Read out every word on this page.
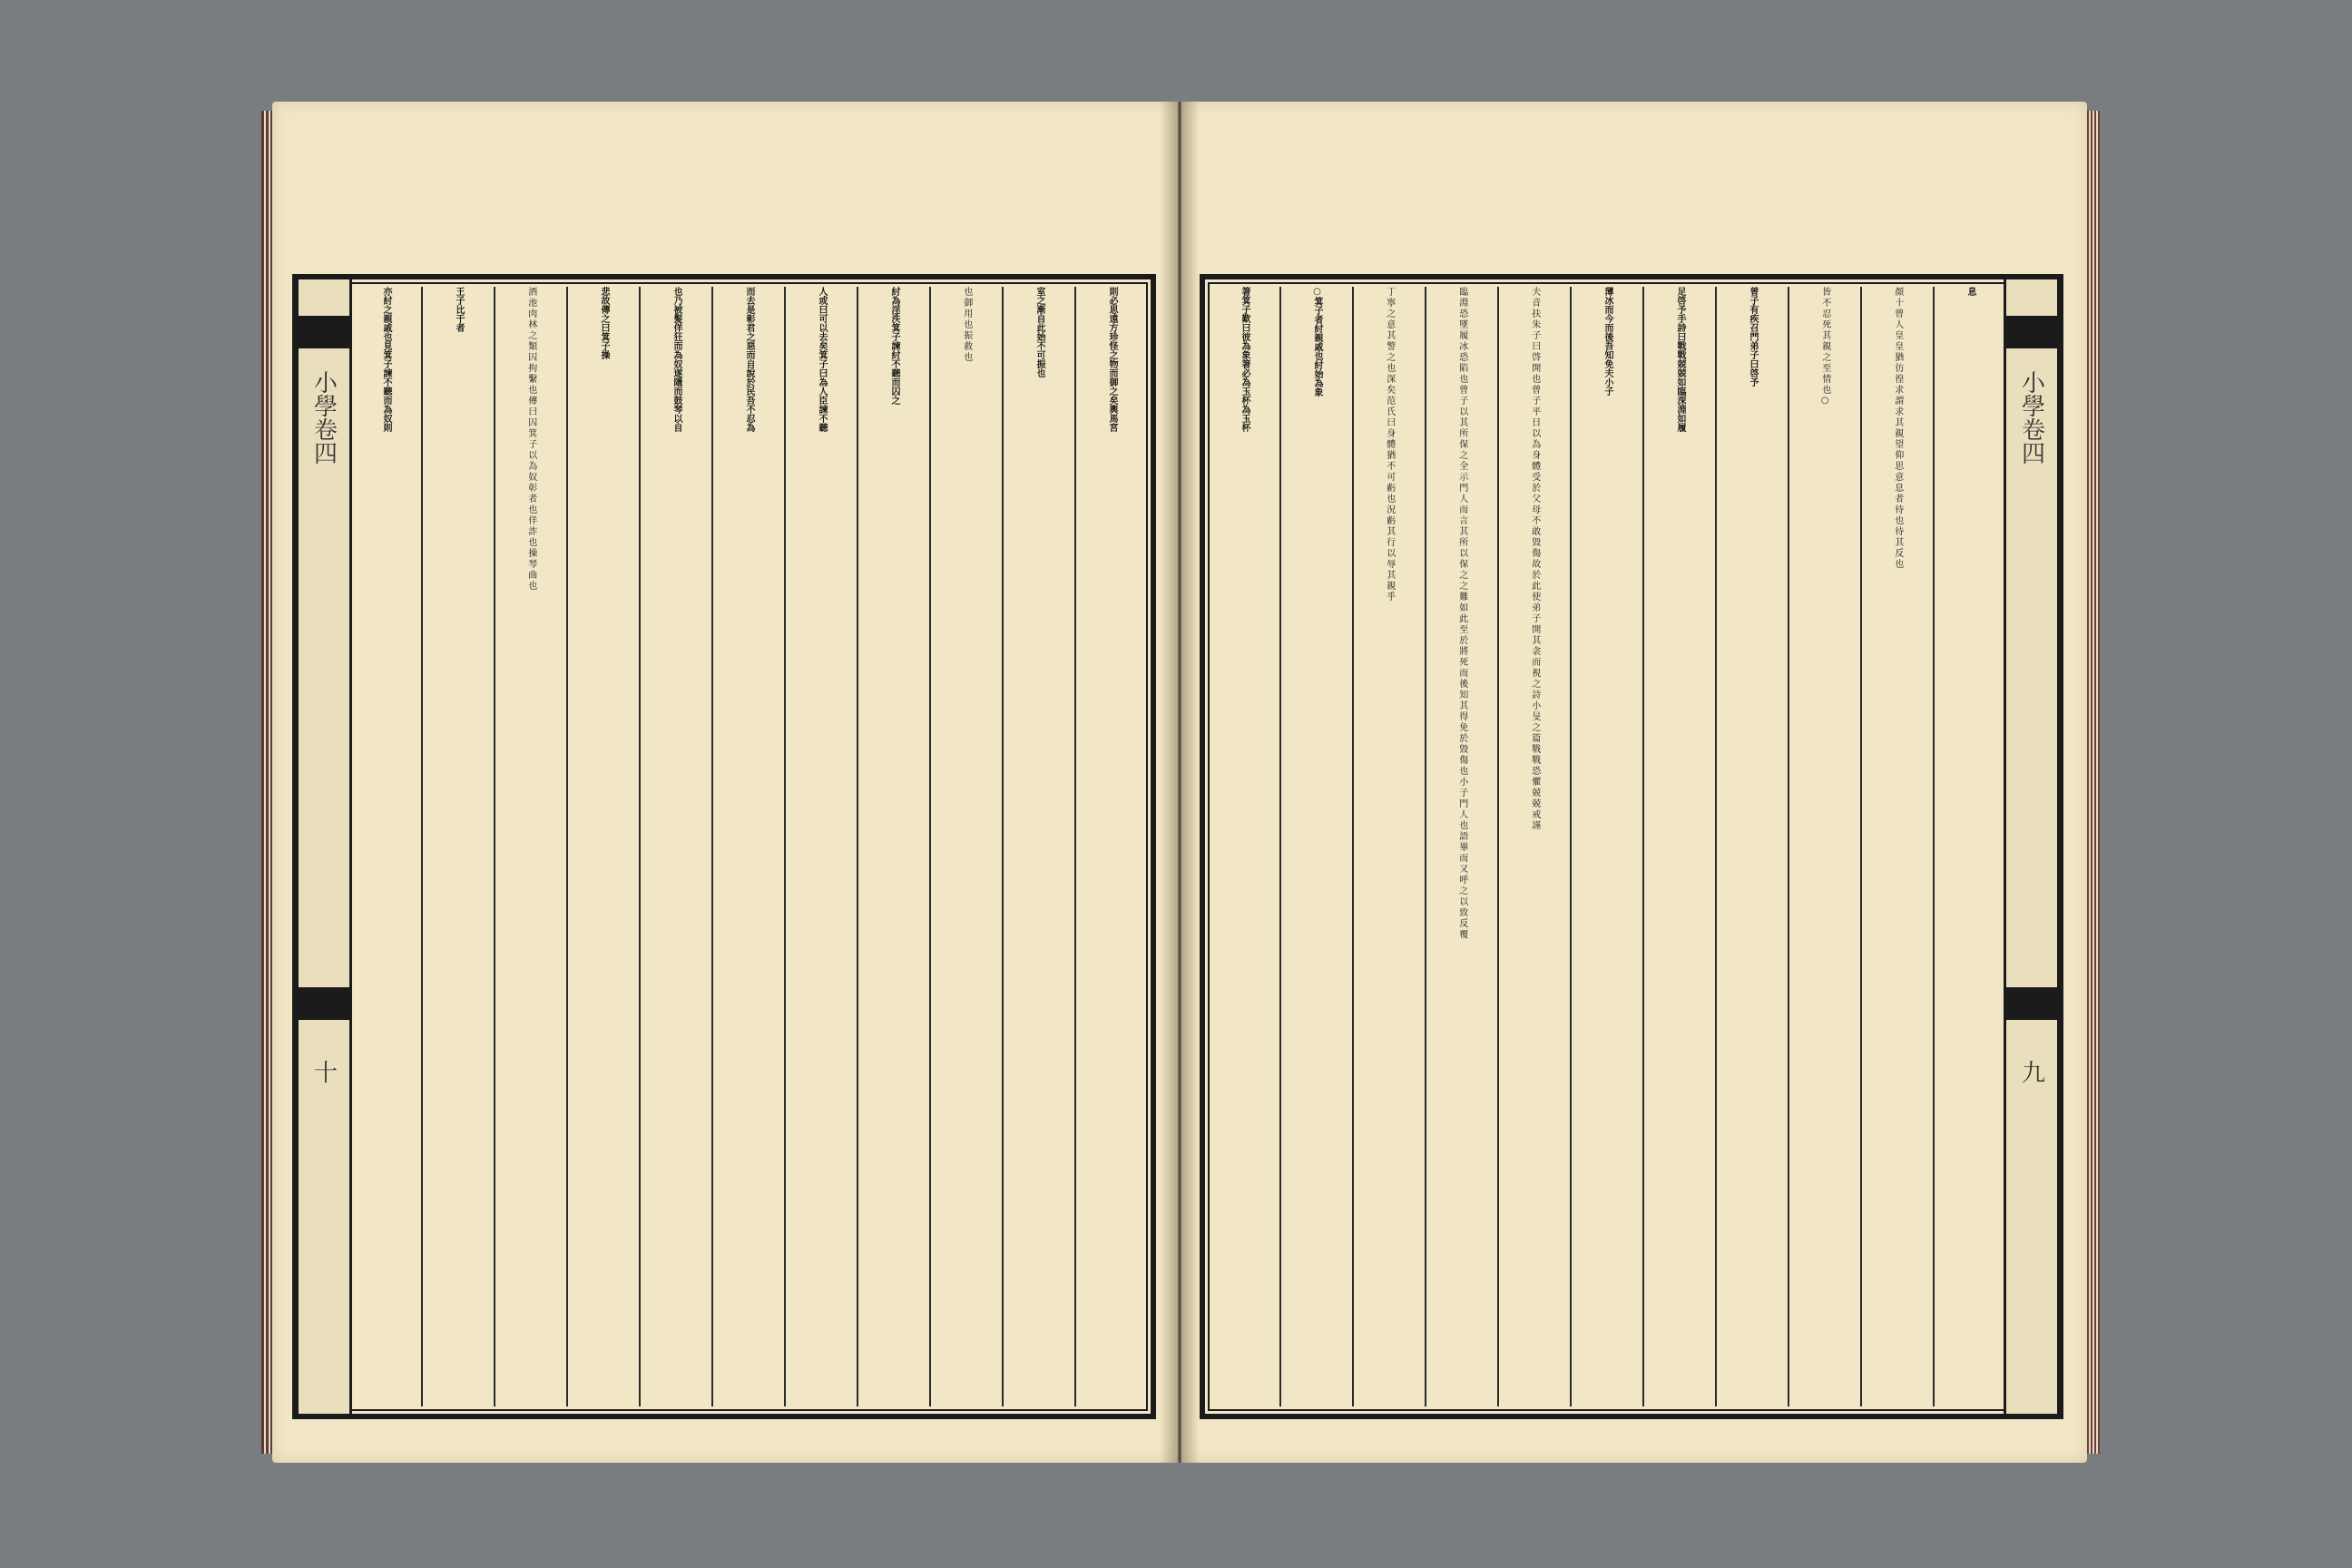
小學卷四
十
則必思遠方珍怪之物而御之矣輿馬宮
室之漸自此始不可振也
也御用也振救也
紂為淫泆箕子諫紂不聽而囚之
人或曰可以去矣箕子曰為人臣諫不聽
而去是彰君之惡而自說於民吾不忍為
也乃被髮佯狂而為奴遂隱而鼓琴以自
悲故傳之曰箕子操
酒池肉林之類囚拘繫也傳曰囚箕子以為奴彰者也佯詐也操琴曲也
王子比干者
亦紂之親戚也見箕子諫不聽而為奴則	小學卷四
九
息
顏十曾人皇皇猶彷徨求謂求其親望仰思意息者待也待其反也
皆不忍死其親之至情也○
曾子有疾召門弟子曰啓予
足啓予手詩曰戰戰兢兢如臨深淵如履
薄冰而今而後吾知免夫小子
夫音扶朱子曰啓開也曾子平日以為身體受於父母不敢毀傷故於此使弟子開其衾而視之詩小旻之篇戰戰恐懼兢兢戒謹
臨淵恐墜履冰恐陷也曾子以其所保之全示門人而言其所以保之之難如此至於將死而後知其得免於毀傷也小子門人也語畢而又呼之以致反覆
丁寧之意其警之也深矣范氏曰身體猶不可虧也況虧其行以辱其親乎
○箕子者紂親戚也紂始為象
箸箕子歎曰彼為象箸必為玉杯為玉杯
